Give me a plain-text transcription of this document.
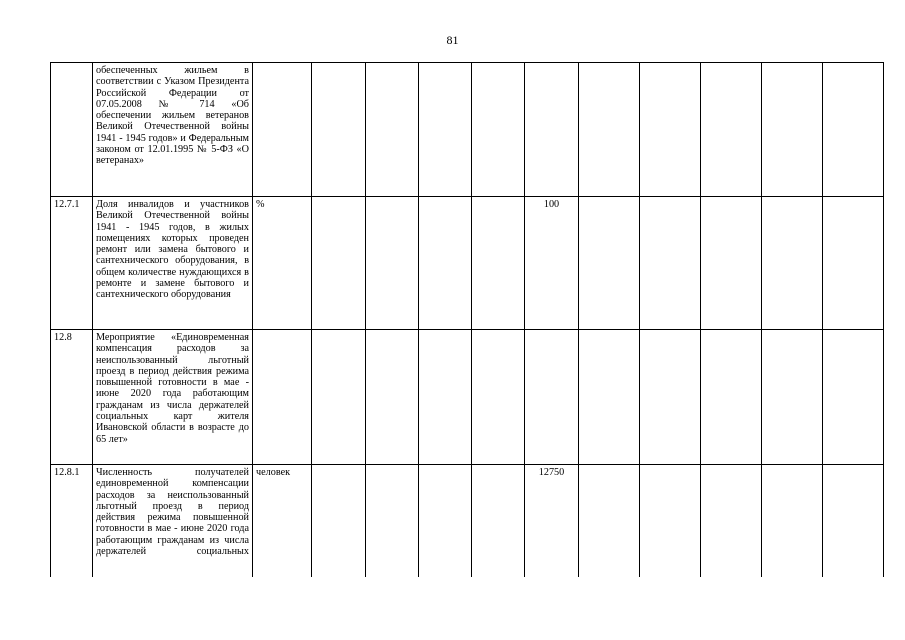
81
	обеспеченных жильем в соответствии с Указом Президента Российской Федерации от 07.05.2008 № 714 «Об обеспечении жильем ветеранов Великой Отечественной войны 1941 - 1945 годов» и Федеральным законом от 12.01.1995 № 5-ФЗ «О ветеранах»											
12.7.1	Доля инвалидов и участников Великой Отечественной войны 1941 - 1945 годов, в жилых помещениях которых проведен ремонт или замена бытового и сантехнического оборудования, в общем количестве нуждающихся в ремонте и замене бытового и сантехнического оборудования	%					100					
12.8	Мероприятие «Единовременная компенсация расходов за неиспользованный льготный проезд в период действия режима повышенной готовности в мае - июне 2020 года работающим гражданам из числа держателей социальных карт жителя Ивановской области в возрасте до 65 лет»											
12.8.1	Численность получателей единовременной компенсации расходов за неиспользованный льготный проезд в период действия режима повышенной готовности в мае - июне 2020 года работающим гражданам из числа держателей социальных	человек					12750					
